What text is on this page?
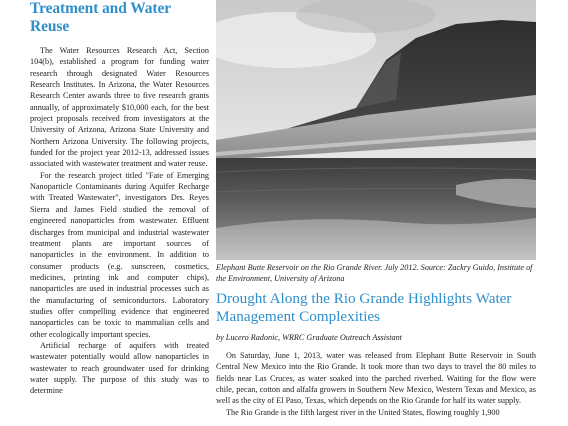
Treatment and Water Reuse

The Water Resources Research Act, Section 104(b), established a program for funding water research through designated Water Resources Research Institutes. In Arizona, the Water Resources Research Center awards three to five research grants annually, of approximately $10,000 each, for the best project proposals received from investigators at the University of Arizona, Arizona State University and Northern Arizona University. The following projects, funded for the project year 2012-13, addressed issues associated with wastewater treatment and water reuse.

For the research project titled "Fate of Emerging Nanoparticle Contaminants during Aquifer Recharge with Treated Wastewater", investigators Drs. Reyes Sierra and James Field studied the removal of engineered nanoparticles from wastewater. Effluent discharges from municipal and industrial wastewater treatment plants are important sources of nanoparticles in the environment. In addition to consumer products (e.g. sunscreen, cosmetics, medicines, printing ink and computer chips), nanoparticles are used in industrial processes such as the manufacturing of semiconductors. Laboratory studies offer compelling evidence that engineered nanoparticles can be toxic to mammalian cells and other ecologically important species.

Artificial recharge of aquifers with treated wastewater potentially would allow nanoparticles in wastewater to reach groundwater used for drinking water supply. The purpose of this study was to determine

Elephant Butte Reservoir on the Rio Grande River. July 2012. Source: Zackry Guido, Institute of the Environment, University of Arizona
Drought Along the Rio Grande Highlights Water Management Complexities
by Lucero Radonic, WRRC Graduate Outreach Assistant

On Saturday, June 1, 2013, water was released from Elephant Butte Reservoir in South Central New Mexico into the Rio Grande. It took more than two days to travel the 80 miles to fields near Las Cruces, as water soaked into the parched riverbed. Waiting for the flow were chile, pecan, cotton and alfalfa growers in Southern New Mexico, Western Texas and Mexico, as well as the city of El Paso, Texas, which depends on the Rio Grande for half its water supply.

The Rio Grande is the fifth largest river in the United States, flowing roughly 1,900
